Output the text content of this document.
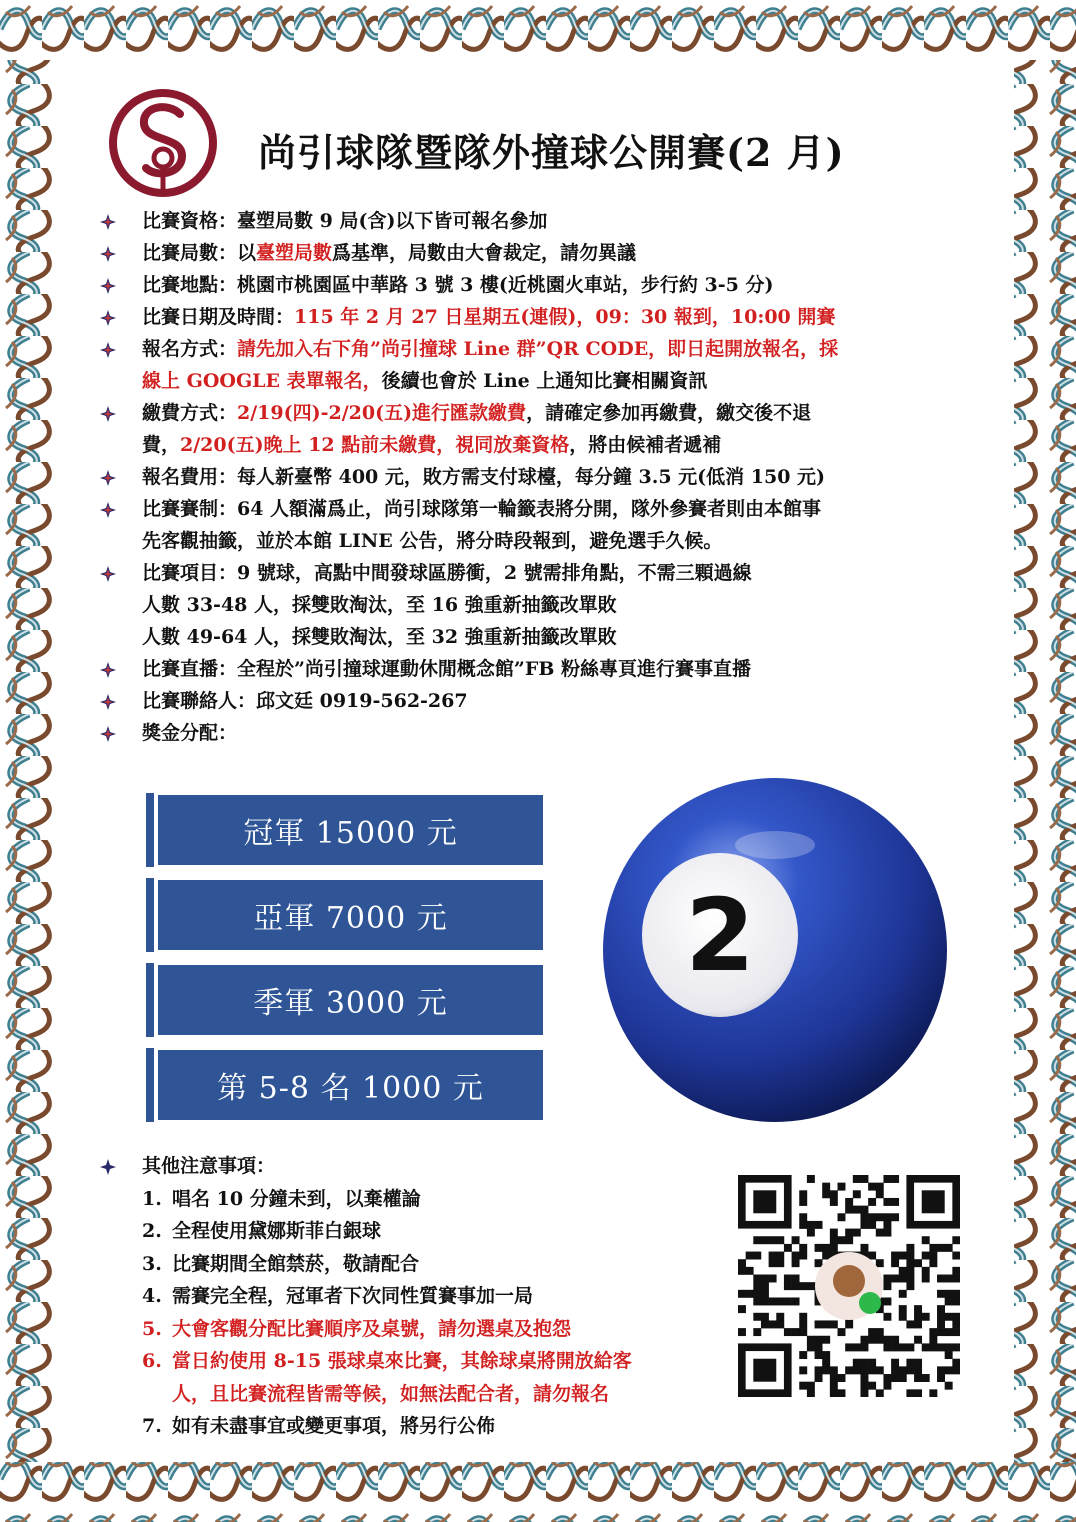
尚引球隊暨隊外撞球公開賽(2 月)
比賽資格：臺塑局數 9 局(含)以下皆可報名參加
比賽局數：以臺塑局數爲基準，局數由大會裁定，請勿異議
比賽地點：桃園市桃園區中華路 3 號 3 樓(近桃園火車站，步行約 3-5 分)
比賽日期及時間：115 年 2 月 27 日星期五(連假)，09：30 報到，10:00 開賽
報名方式：請先加入右下角”尚引撞球 Line 群”QR CODE，即日起開放報名，採
線上 GOOGLE 表單報名，後續也會於 Line 上通知比賽相關資訊
繳費方式：2/19(四)-2/20(五)進行匯款繳費，請確定參加再繳費，繳交後不退
費，2/20(五)晚上 12 點前未繳費，視同放棄資格，將由候補者遞補
報名費用：每人新臺幣 400 元，敗方需支付球檯，每分鐘 3.5 元(低消 150 元)
比賽賽制：64 人額滿爲止，尚引球隊第一輪籤表將分開，隊外參賽者則由本館事
先客觀抽籤，並於本館 LINE 公告，將分時段報到，避免選手久候。
比賽項目：9 號球，高點中間發球區勝衝，2 號需排角點，不需三顆過線
人數 33-48 人，採雙敗淘汰，至 16 強重新抽籤改單敗
人數 49-64 人，採雙敗淘汰，至 32 強重新抽籤改單敗
比賽直播：全程於”尚引撞球運動休閒概念館”FB 粉絲專頁進行賽事直播
比賽聯絡人：邱文廷 0919-562-267
獎金分配：
冠軍 15000 元
亞軍 7000 元
季軍 3000 元
第 5-8 名 1000 元
2
其他注意事項：
1. 唱名 10 分鐘未到，以棄權論
2. 全程使用黛娜斯菲白銀球
3. 比賽期間全館禁菸，敬請配合
4. 需賽完全程，冠軍者下次同性質賽事加一局
5. 大會客觀分配比賽順序及桌號，請勿選桌及抱怨
6. 當日約使用 8-15 張球桌來比賽，其餘球桌將開放給客
人，且比賽流程皆需等候，如無法配合者，請勿報名
7. 如有未盡事宜或變更事項，將另行公佈
